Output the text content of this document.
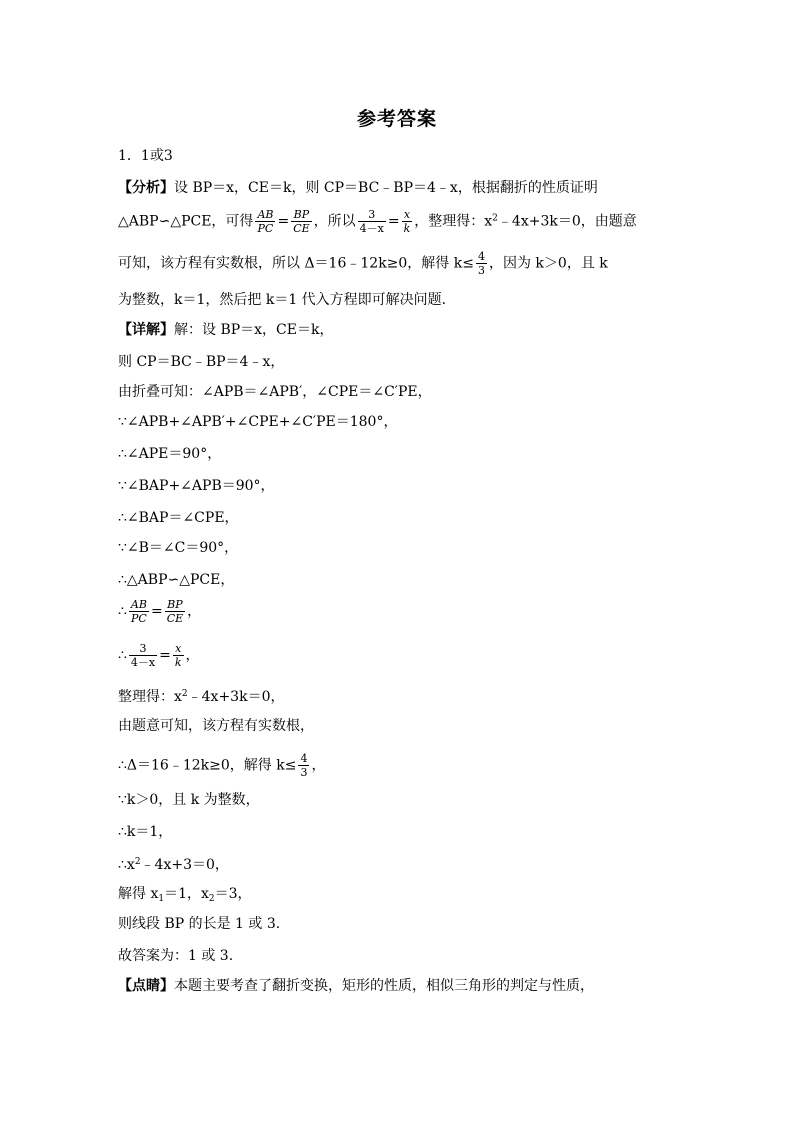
参考答案
1．1或3
【分析】设 BP＝x，CE＝k，则 CP＝BC﹣BP＝4﹣x，根据翻折的性质证明
△ABP∽△PCE，可得 $\frac{AB}{PC} = \frac{BP}{CE}$ ，所以 $\frac{3}{4-x} = \frac{x}{k}$ ，整理得：$x^2﹣4x+3k=0$，由题意
可知，该方程有实数根，所以 Δ＝16﹣12k≥0，解得 $k\le \frac{4}{3}$ ，因为 k＞0，且 k
为整数，k＝1，然后把 k＝1 代入方程即可解决问题.
【详解】解：设 BP＝x，CE＝k，
则 CP＝BC﹣BP＝4﹣x，
由折叠可知：∠APB＝∠APB′，∠CPE＝∠C′PE，
∵∠APB+∠APB′+∠CPE+∠C′PE＝180°，
∴∠APE＝90°，
∵∠BAP+∠APB＝90°，
∴∠BAP＝∠CPE，
∵∠B＝∠C＝90°，
∴△ABP∽△PCE，
∴ $\frac{AB}{PC} = \frac{BP}{CE}$ ，
∴ $\frac{3}{4-x} = \frac{x}{k}$ ，
整理得：$x^2﹣4x+3k=0$，
由题意可知，该方程有实数根，
∴Δ＝16﹣12k≥0，解得 $k\le \frac{4}{3}$ ，
∵k＞0，且 k 为整数，
∴k＝1，
$\therefore x^2﹣4x+3=0$，
解得 $x_1=1$，$x_2=3$，
则线段 BP 的长是 1 或 3.
故答案为：1 或 3.
【点睛】本题主要考查了翻折变换，矩形的性质，相似三角形的判定与性质，
